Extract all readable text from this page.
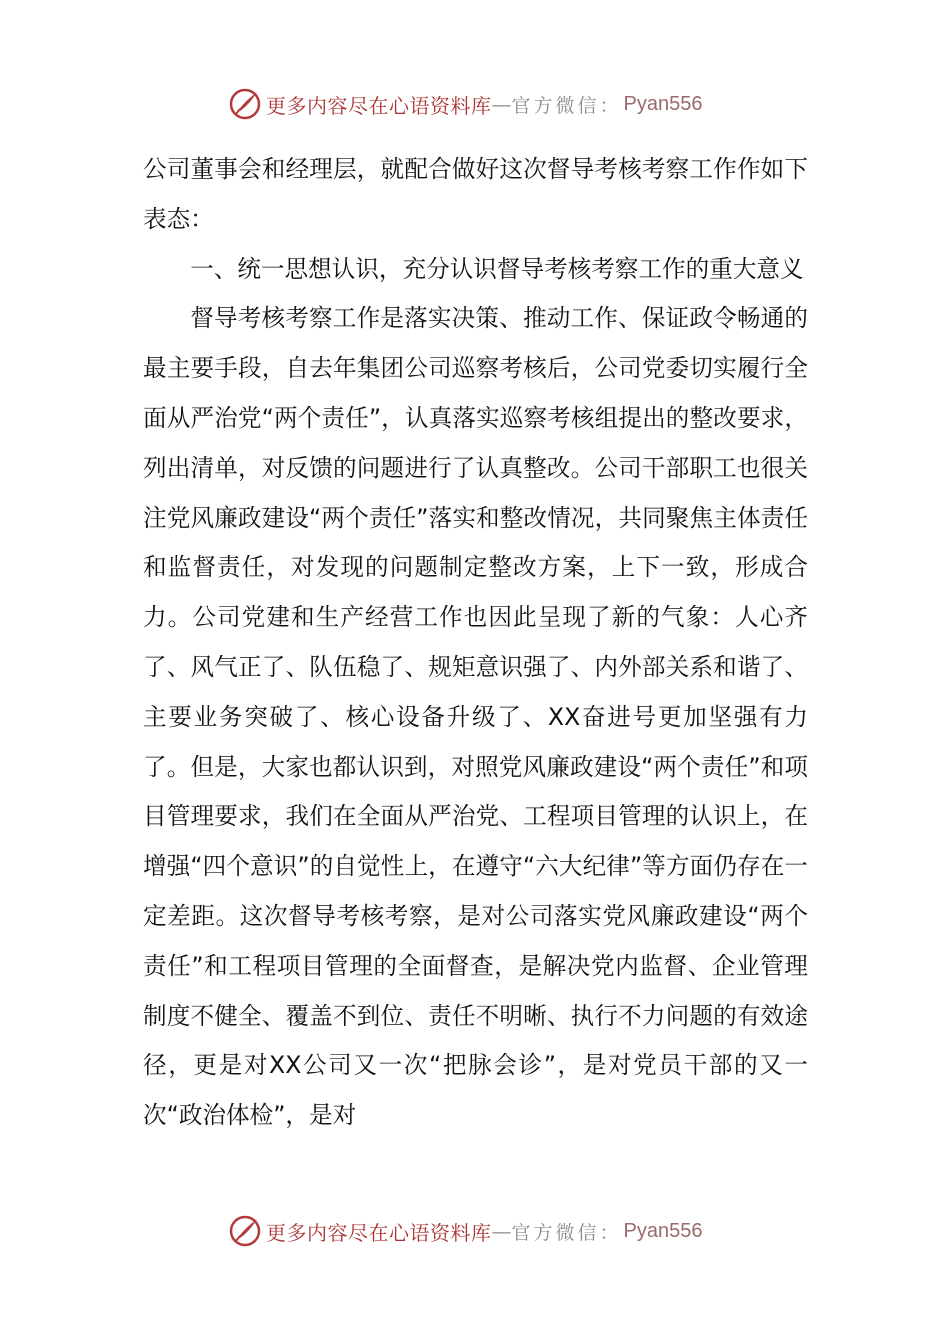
更多内容尽在心语资料库 — 官方微信： Pyan556

公司董事会和经理层，就配合做好这次督导考核考察工作作如下表态：

一、统一思想认识，充分认识督导考核考察工作的重大意义

督导考核考察工作是落实决策、推动工作、保证政令畅通的最主要手段，自去年集团公司巡察考核后，公司党委切实履行全面从严治党“两个责任”，认真落实巡察考核组提出的整改要求，列出清单，对反馈的问题进行了认真整改。公司干部职工也很关注党风廉政建设“两个责任”落实和整改情况，共同聚焦主体责任和监督责任，对发现的问题制定整改方案，上下一致，形成合力。公司党建和生产经营工作也因此呈现了新的气象：人心齐了、风气正了、队伍稳了、规矩意识强了、内外部关系和谐了、主要业务突破了、核心设备升级了、XX奋进号更加坚强有力了。但是，大家也都认识到，对照党风廉政建设“两个责任”和项目管理要求，我们在全面从严治党、工程项目管理的认识上，在增强“四个意识”的自觉性上，在遵守“六大纪律”等方面仍存在一定差距。这次督导考核考察，是对公司落实党风廉政建设“两个责任”和工程项目管理的全面督查，是解决党内监督、企业管理制度不健全、覆盖不到位、责任不明晰、执行不力问题的有效途径，更是对XX公司又一次“把脉会诊”，是对党员干部的又一次“政治体检”，是对

更多内容尽在心语资料库 — 官方微信： Pyan556
